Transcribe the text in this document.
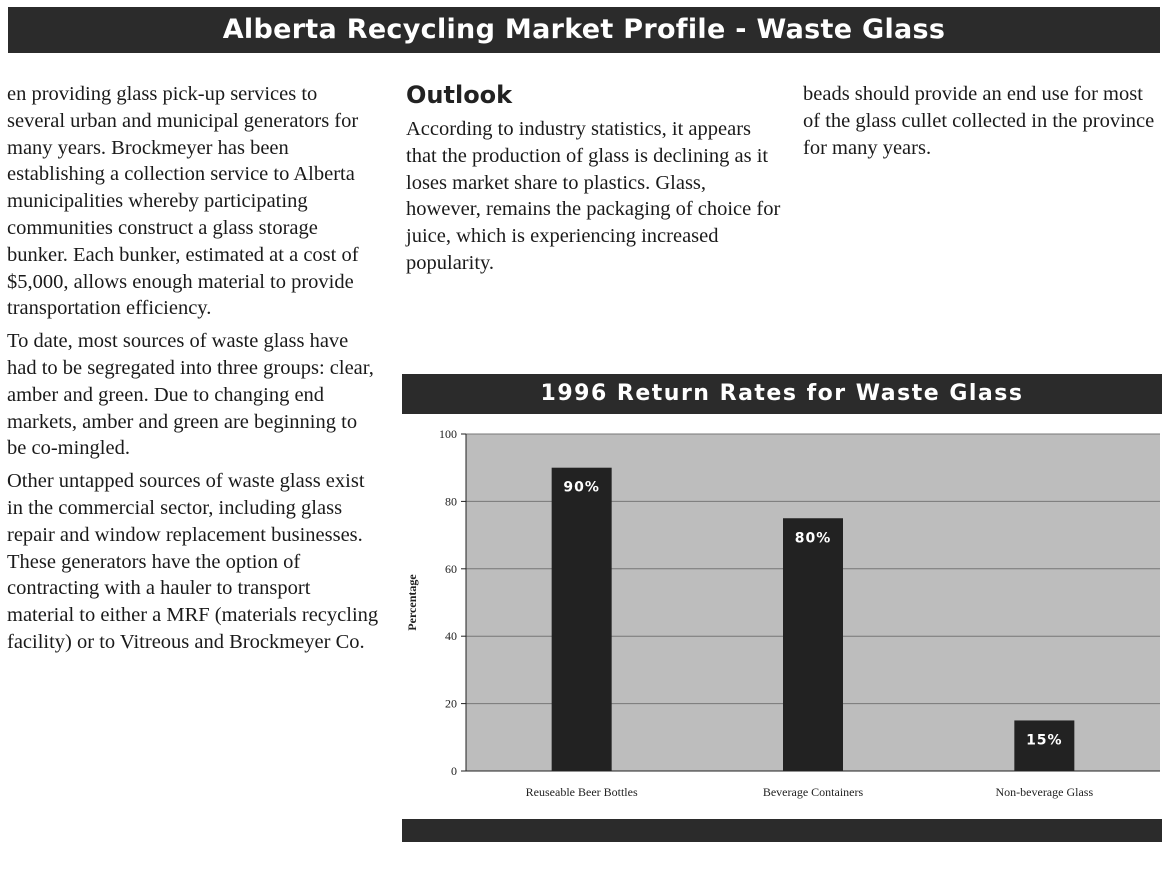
Alberta Recycling Market Profile - Waste Glass

en providing glass pick-up services to several urban and municipal generators for many years. Brockmeyer has been establishing a collection service to Alberta municipalities whereby participating communities construct a glass storage bunker. Each bunker, estimated at a cost of $5,000, allows enough material to provide transportation efficiency.

To date, most sources of waste glass have had to be segregated into three groups: clear, amber and green. Due to changing end markets, amber and green are beginning to be co-mingled.

Other untapped sources of waste glass exist in the commercial sector, including glass repair and window replacement businesses. These generators have the option of contracting with a hauler to transport material to either a MRF (materials recycling facility) or to Vitreous and Brockmeyer Co.

Outlook

According to industry statistics, it appears that the production of glass is declining as it loses market share to plastics. Glass, however, remains the packaging of choice for juice, which is experiencing increased popularity.

beads should provide an end use for most of the glass cullet collected in the province for many years.

1996 Return Rates for Waste Glass
0
20
40
60
80
100
90%
Reuseable Beer Bottles
80%
Beverage Containers
15%
Non-beverage Glass
Percentage
